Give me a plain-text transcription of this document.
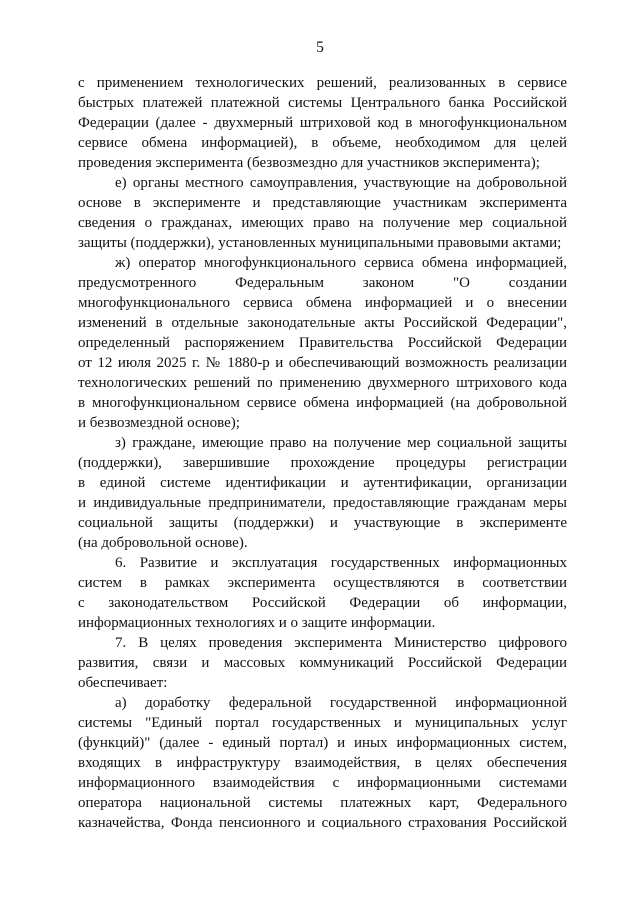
5

с применением технологических решений, реализованных в сервисе
быстрых платежей платежной системы Центрального банка Российской
Федерации (далее - двухмерный штриховой код в многофункциональном
сервисе обмена информацией), в объеме, необходимом для целей
проведения эксперимента (безвозмездно для участников эксперимента);

е) органы местного самоуправления, участвующие на добровольной
основе в эксперименте и представляющие участникам эксперимента
сведения о гражданах, имеющих право на получение мер социальной
защиты (поддержки), установленных муниципальными правовыми актами;

ж) оператор многофункционального сервиса обмена информацией,
предусмотренного Федеральным законом "О создании
многофункционального сервиса обмена информацией и о внесении
изменений в отдельные законодательные акты Российской Федерации",
определенный распоряжением Правительства Российской Федерации
от 12 июля 2025 г. № 1880-р и обеспечивающий возможность реализации
технологических решений по применению двухмерного штрихового кода
в многофункциональном сервисе обмена информацией (на добровольной
и безвозмездной основе);

з) граждане, имеющие право на получение мер социальной защиты
(поддержки), завершившие прохождение процедуры регистрации
в единой системе идентификации и аутентификации, организации
и индивидуальные предприниматели, предоставляющие гражданам меры
социальной защиты (поддержки) и участвующие в эксперименте
(на добровольной основе).

6. Развитие и эксплуатация государственных информационных
систем в рамках эксперимента осуществляются в соответствии
с законодательством Российской Федерации об информации,
информационных технологиях и о защите информации.

7. В целях проведения эксперимента Министерство цифрового
развития, связи и массовых коммуникаций Российской Федерации
обеспечивает:

а) доработку федеральной государственной информационной
системы "Единый портал государственных и муниципальных услуг
(функций)" (далее - единый портал) и иных информационных систем,
входящих в инфраструктуру взаимодействия, в целях обеспечения
информационного взаимодействия с информационными системами
оператора национальной системы платежных карт, Федерального
казначейства, Фонда пенсионного и социального страхования Российской
